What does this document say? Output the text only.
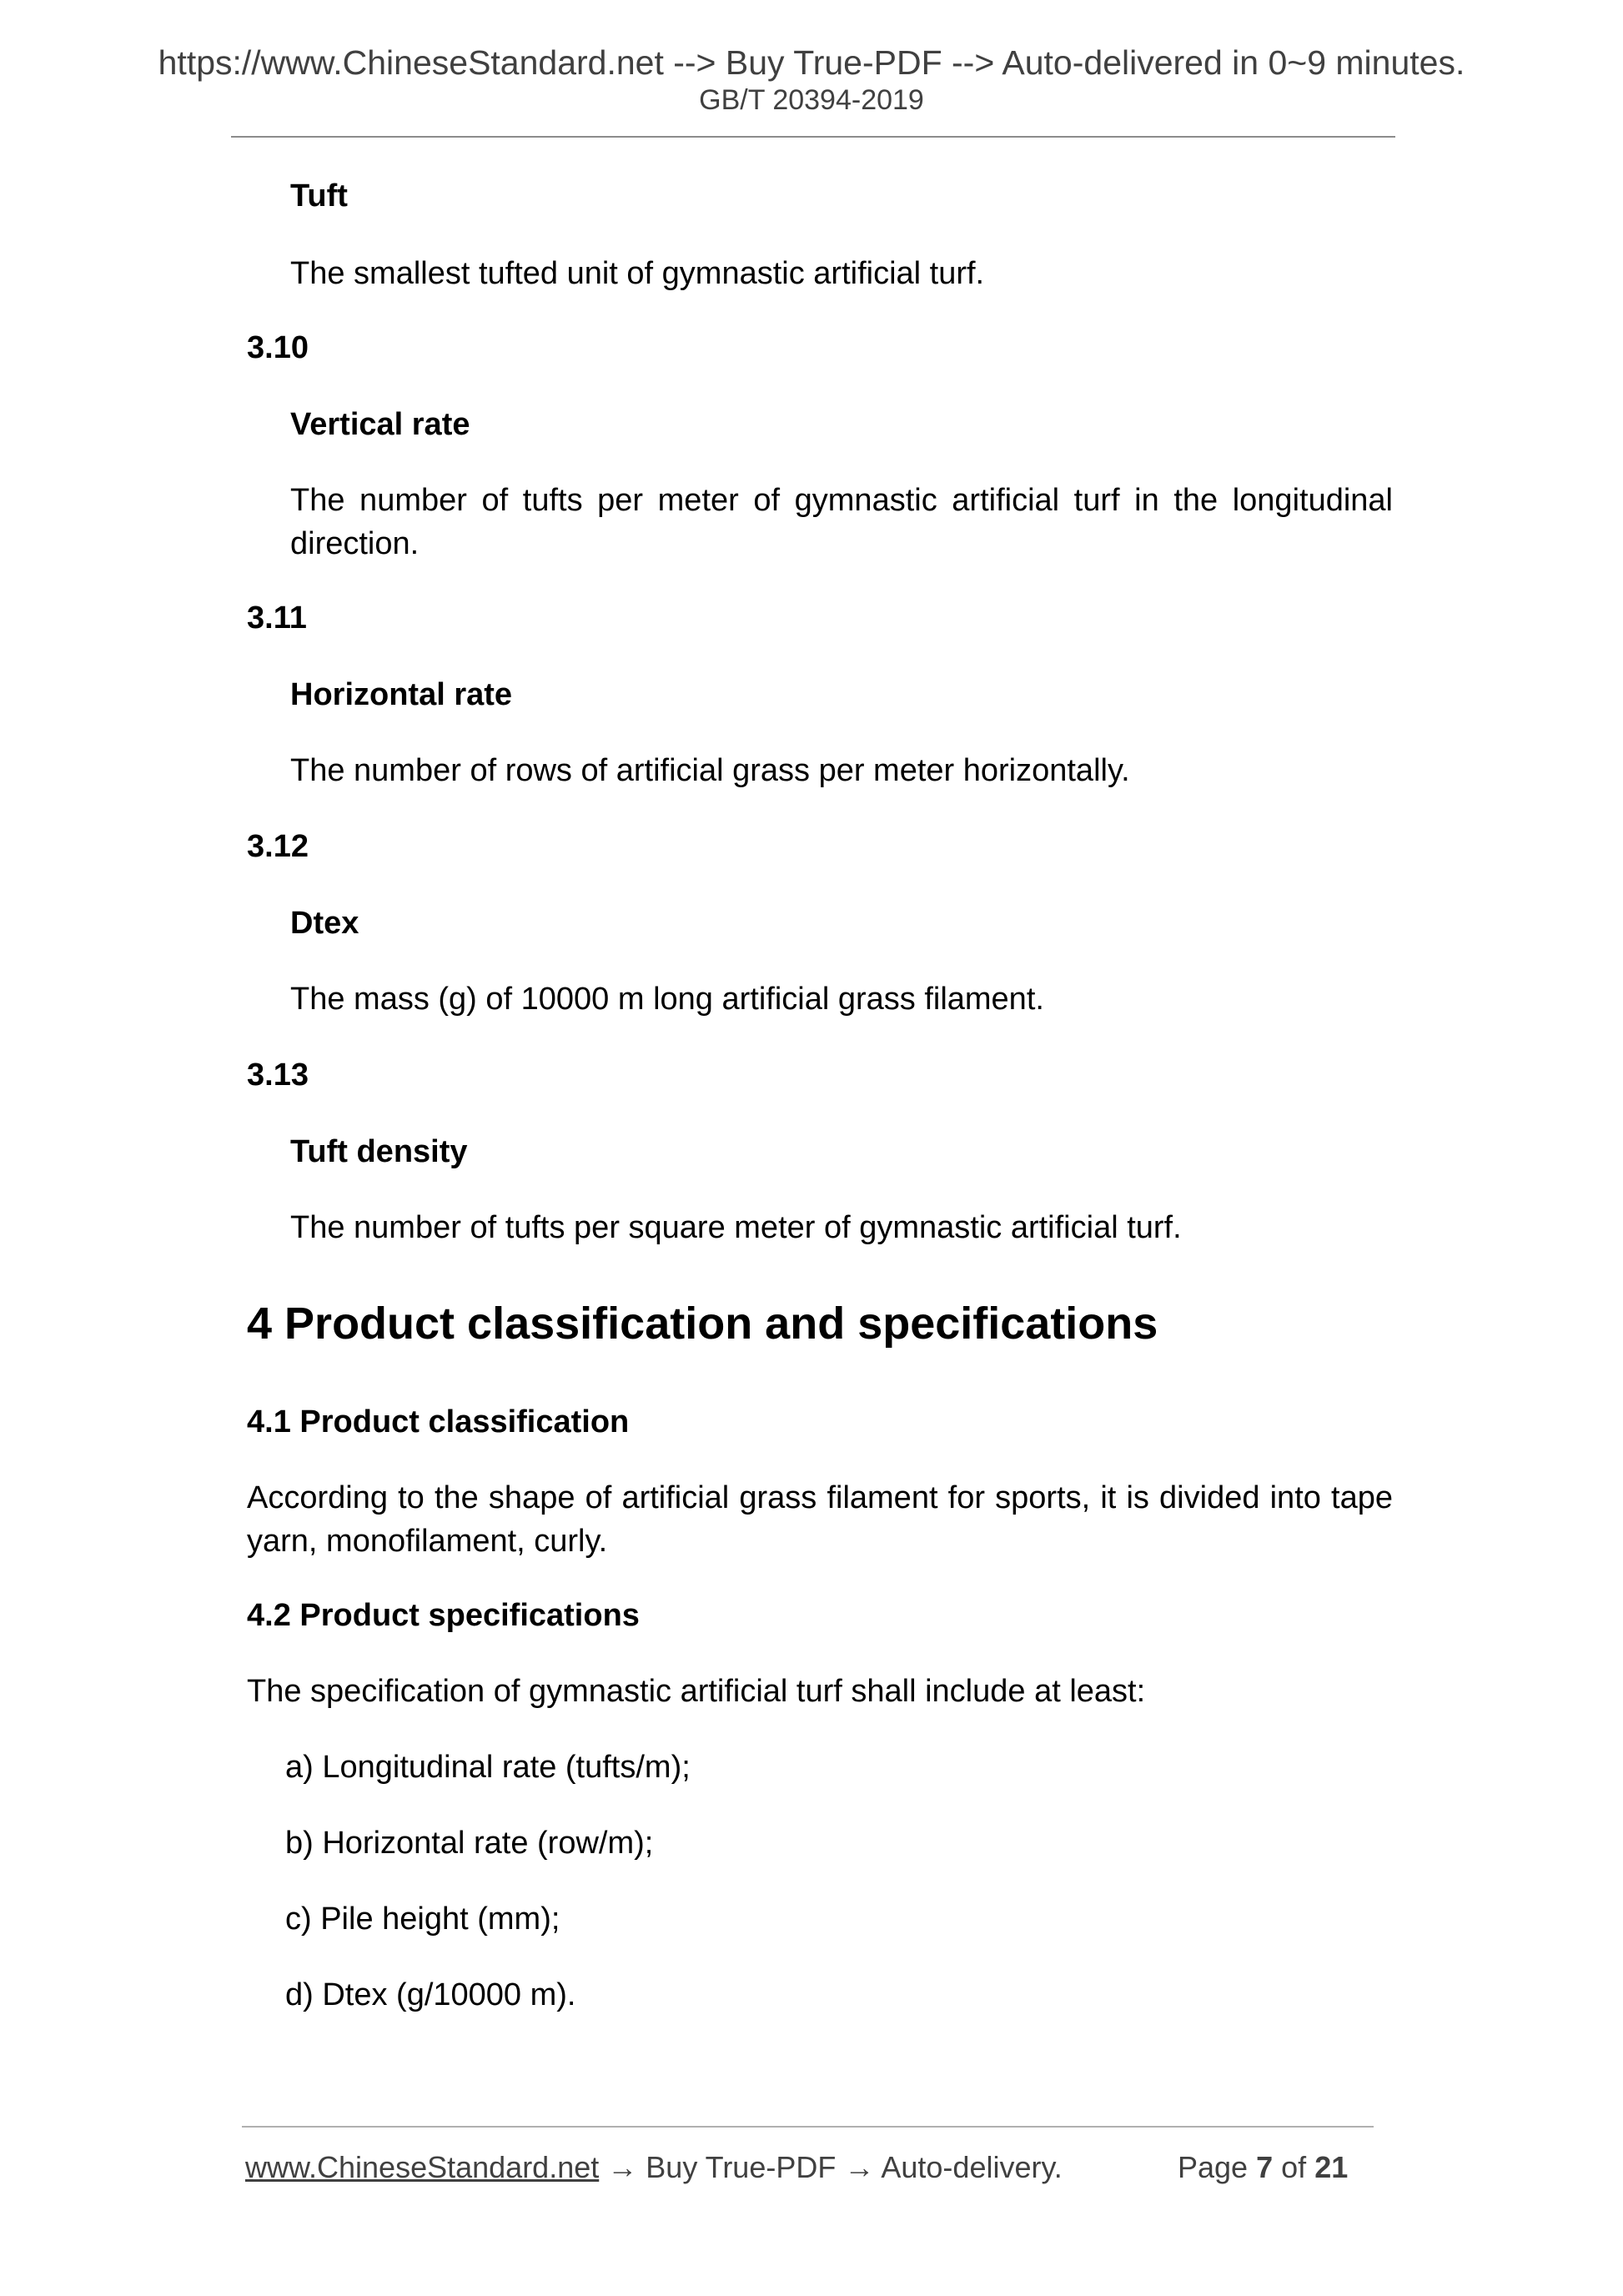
https://www.ChineseStandard.net --> Buy True-PDF --> Auto-delivered in 0~9 minutes.
GB/T 20394-2019
Tuft
The smallest tufted unit of gymnastic artificial turf.
3.10
Vertical rate
The number of tufts per meter of gymnastic artificial turf in the longitudinal direction.
3.11
Horizontal rate
The number of rows of artificial grass per meter horizontally.
3.12
Dtex
The mass (g) of 10000 m long artificial grass filament.
3.13
Tuft density
The number of tufts per square meter of gymnastic artificial turf.
4 Product classification and specifications
4.1 Product classification
According to the shape of artificial grass filament for sports, it is divided into tape yarn, monofilament, curly.
4.2 Product specifications
The specification of gymnastic artificial turf shall include at least:
a) Longitudinal rate (tufts/m);
b) Horizontal rate (row/m);
c) Pile height (mm);
d) Dtex (g/10000 m).
www.ChineseStandard.net → Buy True-PDF → Auto-delivery.	Page 7 of 21
